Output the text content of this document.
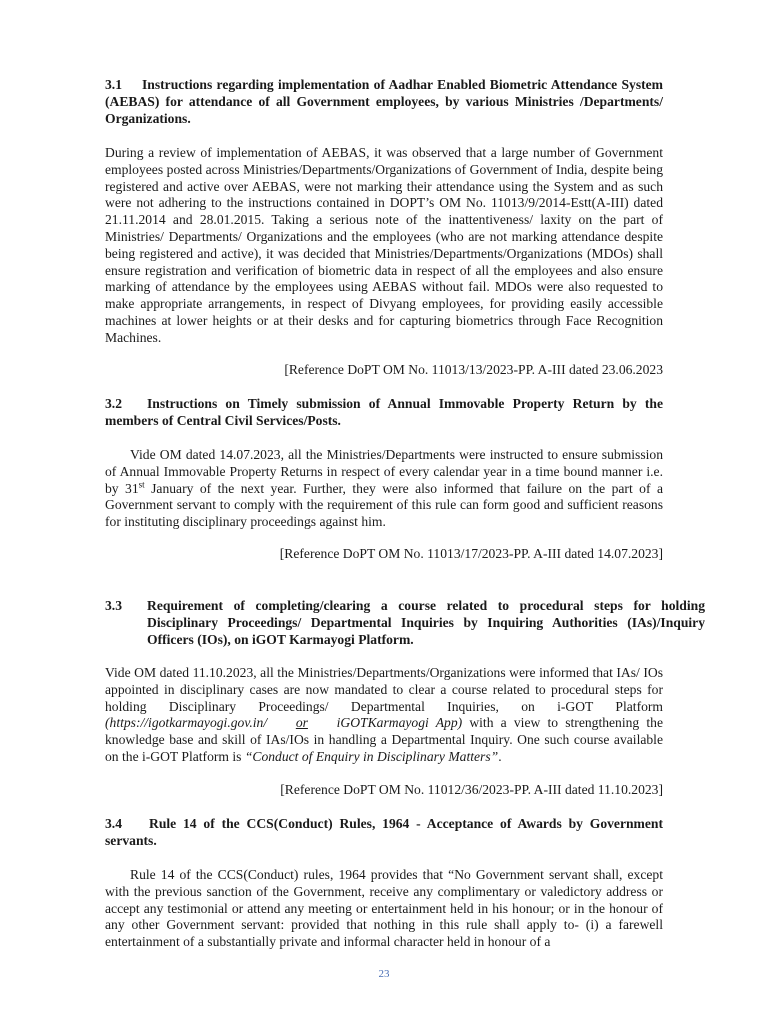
3.1 Instructions regarding implementation of Aadhar Enabled Biometric Attendance System (AEBAS) for attendance of all Government employees, by various Ministries /Departments/ Organizations.
During a review of implementation of AEBAS, it was observed that a large number of Government employees posted across Ministries/Departments/Organizations of Government of India, despite being registered and active over AEBAS, were not marking their attendance using the System and as such were not adhering to the instructions contained in DOPT’s OM No. 11013/9/2014-Estt(A-III) dated 21.11.2014 and 28.01.2015. Taking a serious note of the inattentiveness/ laxity on the part of Ministries/ Departments/ Organizations and the employees (who are not marking attendance despite being registered and active), it was decided that Ministries/Departments/Organizations (MDOs) shall ensure registration and verification of biometric data in respect of all the employees and also ensure marking of attendance by the employees using AEBAS without fail. MDOs were also requested to make appropriate arrangements, in respect of Divyang employees, for providing easily accessible machines at lower heights or at their desks and for capturing biometrics through Face Recognition Machines.
[Reference DoPT OM No. 11013/13/2023-PP. A-III dated 23.06.2023
3.2 Instructions on Timely submission of Annual Immovable Property Return by the members of Central Civil Services/Posts.
Vide OM dated 14.07.2023, all the Ministries/Departments were instructed to ensure submission of Annual Immovable Property Returns in respect of every calendar year in a time bound manner i.e. by 31st January of the next year. Further, they were also informed that failure on the part of a Government servant to comply with the requirement of this rule can form good and sufficient reasons for instituting disciplinary proceedings against him.
[Reference DoPT OM No. 11013/17/2023-PP. A-III dated 14.07.2023]
3.3 Requirement of completing/clearing a course related to procedural steps for holding Disciplinary Proceedings/ Departmental Inquiries by Inquiring Authorities (IAs)/Inquiry Officers (IOs), on iGOT Karmayogi Platform.
Vide OM dated 11.10.2023, all the Ministries/Departments/Organizations were informed that IAs/ IOs appointed in disciplinary cases are now mandated to clear a course related to procedural steps for holding Disciplinary Proceedings/ Departmental Inquiries, on i-GOT Platform (https://igotkarmayogi.gov.in/ or iGOTKarmayogi App) with a view to strengthening the knowledge base and skill of IAs/IOs in handling a Departmental Inquiry. One such course available on the i-GOT Platform is “Conduct of Enquiry in Disciplinary Matters”.
[Reference DoPT OM No. 11012/36/2023-PP. A-III dated 11.10.2023]
3.4 Rule 14 of the CCS(Conduct) Rules, 1964 - Acceptance of Awards by Government servants.
Rule 14 of the CCS(Conduct) rules, 1964 provides that “No Government servant shall, except with the previous sanction of the Government, receive any complimentary or valedictory address or accept any testimonial or attend any meeting or entertainment held in his honour; or in the honour of any other Government servant: provided that nothing in this rule shall apply to- (i) a farewell entertainment of a substantially private and informal character held in honour of a
23
